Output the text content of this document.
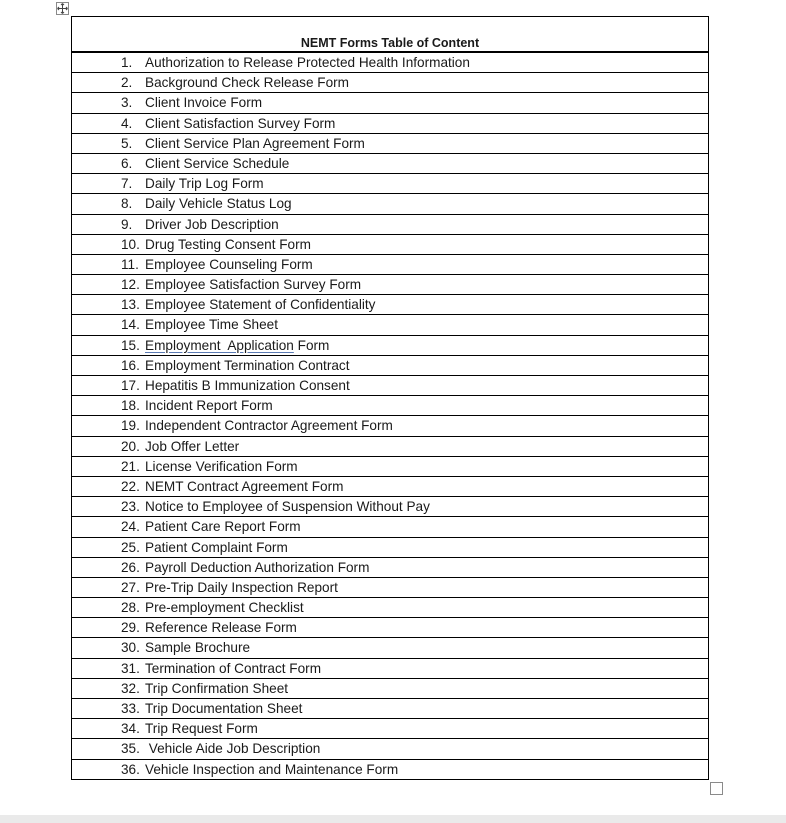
NEMT Forms Table of Content
1. Authorization to Release Protected Health Information
2. Background Check Release Form
3. Client Invoice Form
4. Client Satisfaction Survey Form
5. Client Service Plan Agreement Form
6. Client Service Schedule
7. Daily Trip Log Form
8. Daily Vehicle Status Log
9. Driver Job Description
10. Drug Testing Consent Form
11. Employee Counseling Form
12. Employee Satisfaction Survey Form
13. Employee Statement of Confidentiality
14. Employee Time Sheet
15. Employment  Application Form
16. Employment Termination Contract
17. Hepatitis B Immunization Consent
18. Incident Report Form
19. Independent Contractor Agreement Form
20. Job Offer Letter
21. License Verification Form
22. NEMT Contract Agreement Form
23. Notice to Employee of Suspension Without Pay
24. Patient Care Report Form
25. Patient Complaint Form
26. Payroll Deduction Authorization Form
27. Pre-Trip Daily Inspection Report
28. Pre-employment Checklist
29. Reference Release Form
30. Sample Brochure
31. Termination of Contract Form
32. Trip Confirmation Sheet
33. Trip Documentation Sheet
34. Trip Request Form
35. Vehicle Aide Job Description
36. Vehicle Inspection and Maintenance Form
